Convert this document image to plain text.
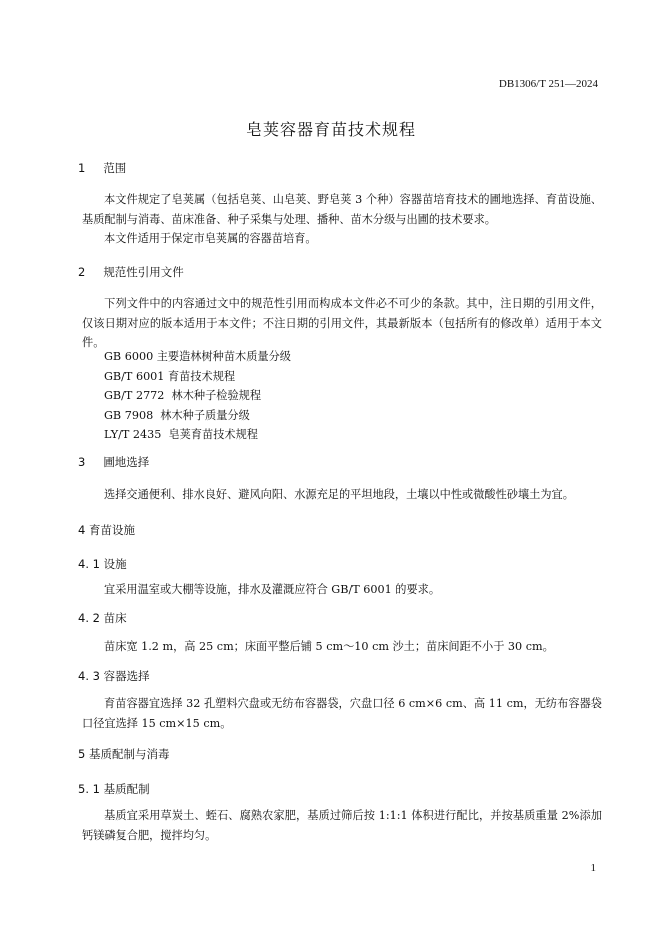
DB1306/T 251—2024
皂荚容器育苗技术规程
1 范围
本文件规定了皂荚属（包括皂荚、山皂荚、野皂荚 3 个种）容器苗培育技术的圃地选择、育苗设施、基质配制与消毒、苗床准备、种子采集与处理、播种、苗木分级与出圃的技术要求。
本文件适用于保定市皂荚属的容器苗培育。
2 规范性引用文件
下列文件中的内容通过文中的规范性引用而构成本文件必不可少的条款。其中，注日期的引用文件，仅该日期对应的版本适用于本文件；不注日期的引用文件，其最新版本（包括所有的修改单）适用于本文件。
GB 6000 主要造林树种苗木质量分级
GB/T 6001 育苗技术规程
GB/T 2772  林木种子检验规程
GB 7908  林木种子质量分级
LY/T 2435  皂荚育苗技术规程
3 圃地选择
选择交通便利、排水良好、避风向阳、水源充足的平坦地段，土壤以中性或微酸性砂壤土为宜。
4 育苗设施
4. 1 设施
宜采用温室或大棚等设施，排水及灌溉应符合 GB/T 6001 的要求。
4. 2 苗床
苗床宽 1.2 m，高 25 cm；床面平整后铺 5 cm～10 cm 沙土；苗床间距不小于 30 cm。
4. 3 容器选择
育苗容器宜选择 32 孔塑料穴盘或无纺布容器袋，穴盘口径 6 cm×6 cm、高 11 cm，无纺布容器袋口径宜选择 15 cm×15 cm。
5 基质配制与消毒
5. 1 基质配制
基质宜采用草炭土、蛭石、腐熟农家肥，基质过筛后按 1:1:1 体积进行配比，并按基质重量 2%添加钙镁磷复合肥，搅拌均匀。
1
